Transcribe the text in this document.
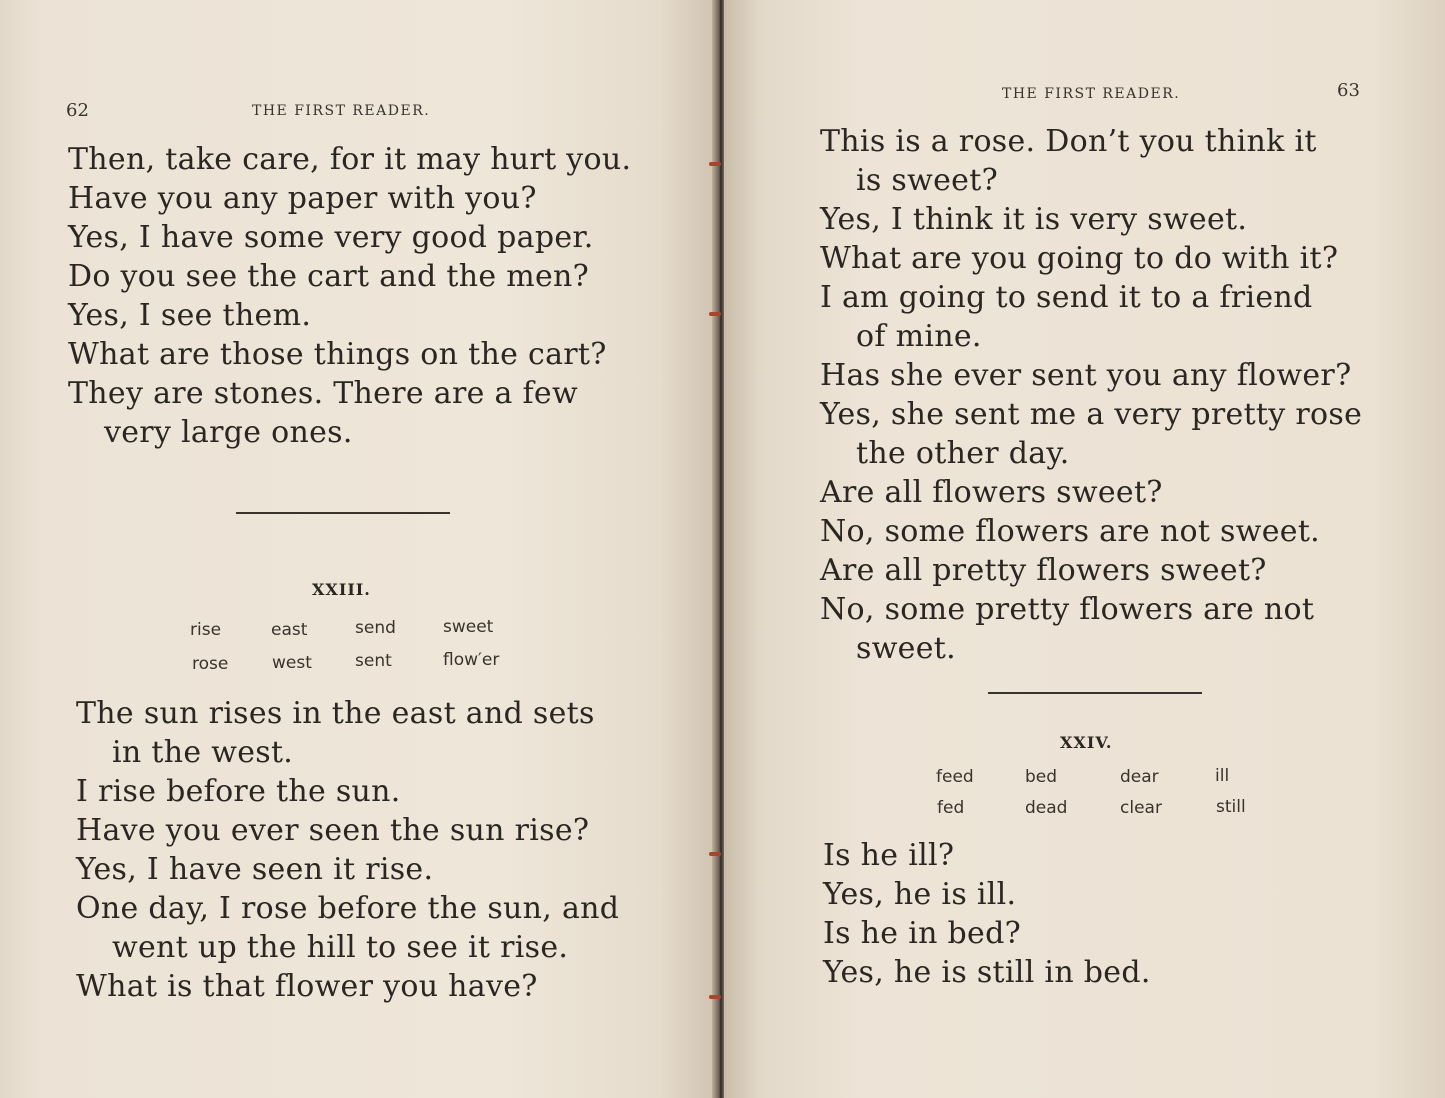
62	THE FIRST READER.
Then, take care, for it may hurt you.
Have you any paper with you?
Yes, I have some very good paper.
Do you see the cart and the men?
Yes, I see them.
What are those things on the cart?
They are stones. There are a few
very large ones.
XXIII.
rise	east	send	sweet
rose	west	sent	flow′er
The sun rises in the east and sets
in the west.
I rise before the sun.
Have you ever seen the sun rise?
Yes, I have seen it rise.
One day, I rose before the sun, and
went up the hill to see it rise.
What is that flower you have?
THE FIRST READER.	63
This is a rose. Don’t you think it
is sweet?
Yes, I think it is very sweet.
What are you going to do with it?
I am going to send it to a friend
of mine.
Has she ever sent you any flower?
Yes, she sent me a very pretty rose
the other day.
Are all flowers sweet?
No, some flowers are not sweet.
Are all pretty flowers sweet?
No, some pretty flowers are not
sweet.
XXIV.
feed	bed	dear	ill
fed	dead	clear	still
Is he ill?
Yes, he is ill.
Is he in bed?
Yes, he is still in bed.
